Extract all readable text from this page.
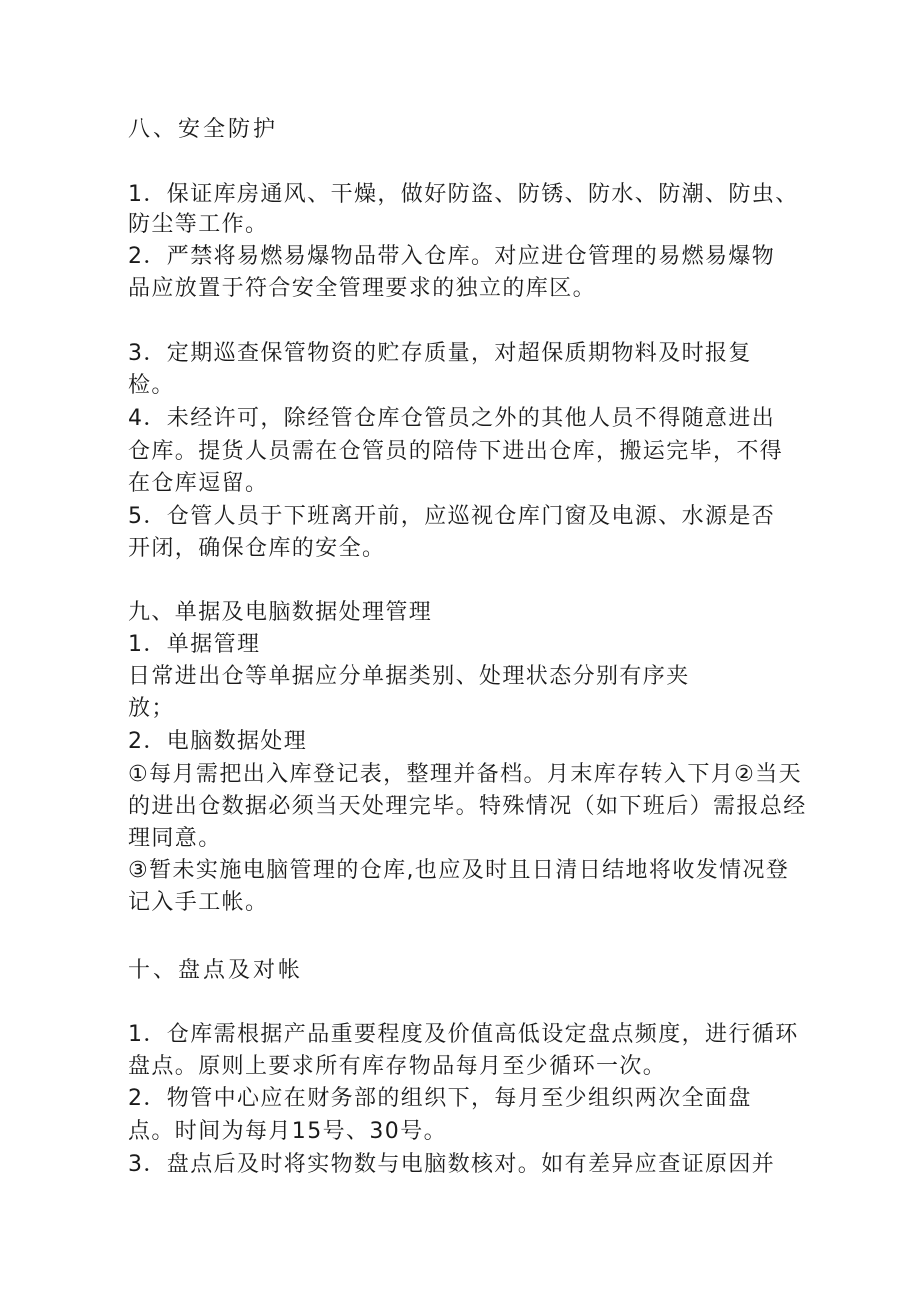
八、安全防护
1．保证库房通风、干燥，做好防盗、防锈、防水、防潮、防虫、
防尘等工作。
2．严禁将易燃易爆物品带入仓库。对应进仓管理的易燃易爆物
品应放置于符合安全管理要求的独立的库区。
3．定期巡查保管物资的贮存质量，对超保质期物料及时报复
检。
4．未经许可，除经管仓库仓管员之外的其他人员不得随意进出
仓库。提货人员需在仓管员的陪侍下进出仓库，搬运完毕，不得
在仓库逗留。
5．仓管人员于下班离开前，应巡视仓库门窗及电源、水源是否
开闭，确保仓库的安全。
九、单据及电脑数据处理管理
1．单据管理
日常进出仓等单据应分单据类别、处理状态分别有序夹
放；
2．电脑数据处理
①每月需把出入库登记表，整理并备档。月末库存转入下月②当天
的进出仓数据必须当天处理完毕。特殊情况（如下班后）需报总经
理同意。
③暂未实施电脑管理的仓库,也应及时且日清日结地将收发情况登
记入手工帐。
十、盘点及对帐
1．仓库需根据产品重要程度及价值高低设定盘点频度，进行循环
盘点。原则上要求所有库存物品每月至少循环一次。
2．物管中心应在财务部的组织下，每月至少组织两次全面盘
点。时间为每月15号、30号。
3．盘点后及时将实物数与电脑数核对。如有差异应查证原因并
